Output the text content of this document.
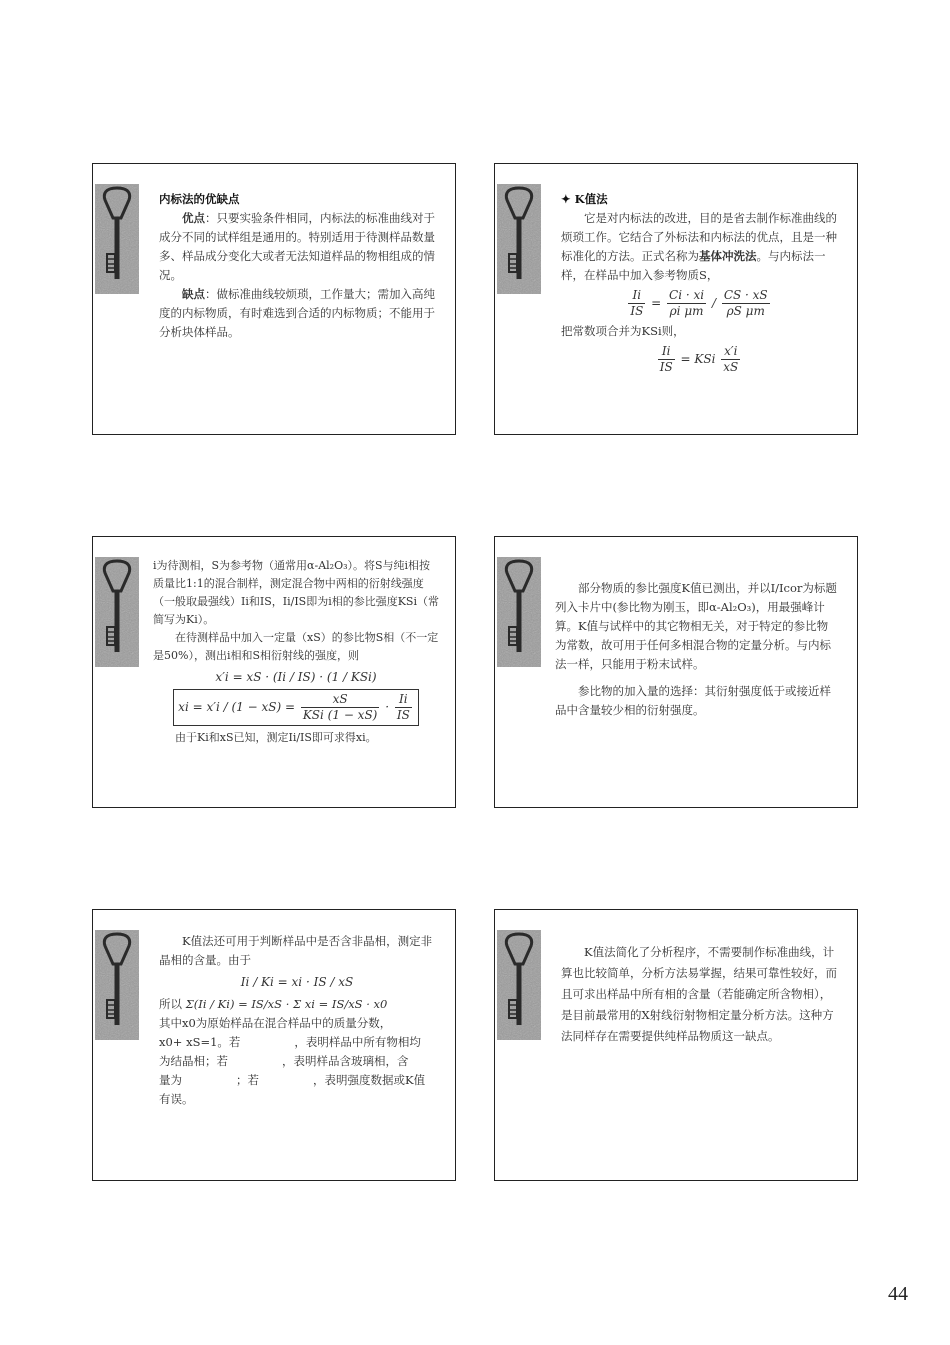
内标法的优缺点

优点：只要实验条件相同，内标法的标准曲线对于成分不同的试样组是通用的。特别适用于待测样品数量多、样品成分变化大或者无法知道样品的物相组成的情况。

缺点：做标准曲线较烦琐，工作量大；需加入高纯度的内标物质，有时难选到合适的内标物质；不能用于分析块体样品。

✦ K值法

它是对内标法的改进，目的是省去制作标准曲线的烦琐工作。它结合了外标法和内标法的优点，且是一种标准化的方法。正式名称为基体冲洗法。与内标法一样，在样品中加入参考物质S，

$\frac{Ii}{IS} = \frac{Ci \cdot xi}{\text{ρi μm}} / \frac{CS \cdot xS}{\text{ρS μm}}$

把常数项合并为KSi则，

$\frac{Ii}{IS}$ = KSi $\frac{x'i}{xS}$

i为待测相，S为参考物（通常用α-Al₂O₃）。将S与纯i相按质量比1:1的混合制样，测定混合物中两相的衍射线强度（一般取最强线）Ii和IS，Ii/IS即为i相的参比强度KSi（常简写为Ki）。

在待测样品中加入一定量（xS）的参比物S相（不一定是50%），测出i相和S相衍射线的强度，则

x′i = xS · (Ii / IS) · (1 / KSi)
xi = $x'i / (1 - xS) = \frac{xS}{\text{KSi (1 − xS)}} \cdot \frac{Ii}{IS}$

由于Ki和xS已知，测定Ii/IS即可求得xi。

部分物质的参比强度K值已测出，并以I/Icor为标题列入卡片中(参比物为刚玉，即α-Al₂O₃)，用最强峰计算。K值与试样中的其它物相无关，对于特定的参比物为常数，故可用于任何多相混合物的定量分析。与内标法一样，只能用于粉末试样。

参比物的加入量的选择：其衍射强度低于或接近样品中含量较少相的衍射强度。

K值法还可用于判断样品中是否含非晶相，测定非晶相的含量。由于

Ii / Ki = xi · IS / xS

所以 Σ(Ii / Ki) = IS/xS · Σ xi = IS/xS · x0

其中x0为原始样品在混合样品中的质量分数，

x0+ xS=1。若	，表明样品中所有物相均

为结晶相；若	，表明样品含玻璃相，含

量为	；若	，表明强度数据或K值

有误。

K值法简化了分析程序，不需要制作标准曲线，计算也比较简单，分析方法易掌握，结果可靠性较好，而且可求出样品中所有相的含量（若能确定所含物相），是目前最常用的X射线衍射物相定量分析方法。这种方法同样存在需要提供纯样品物质这一缺点。

44
